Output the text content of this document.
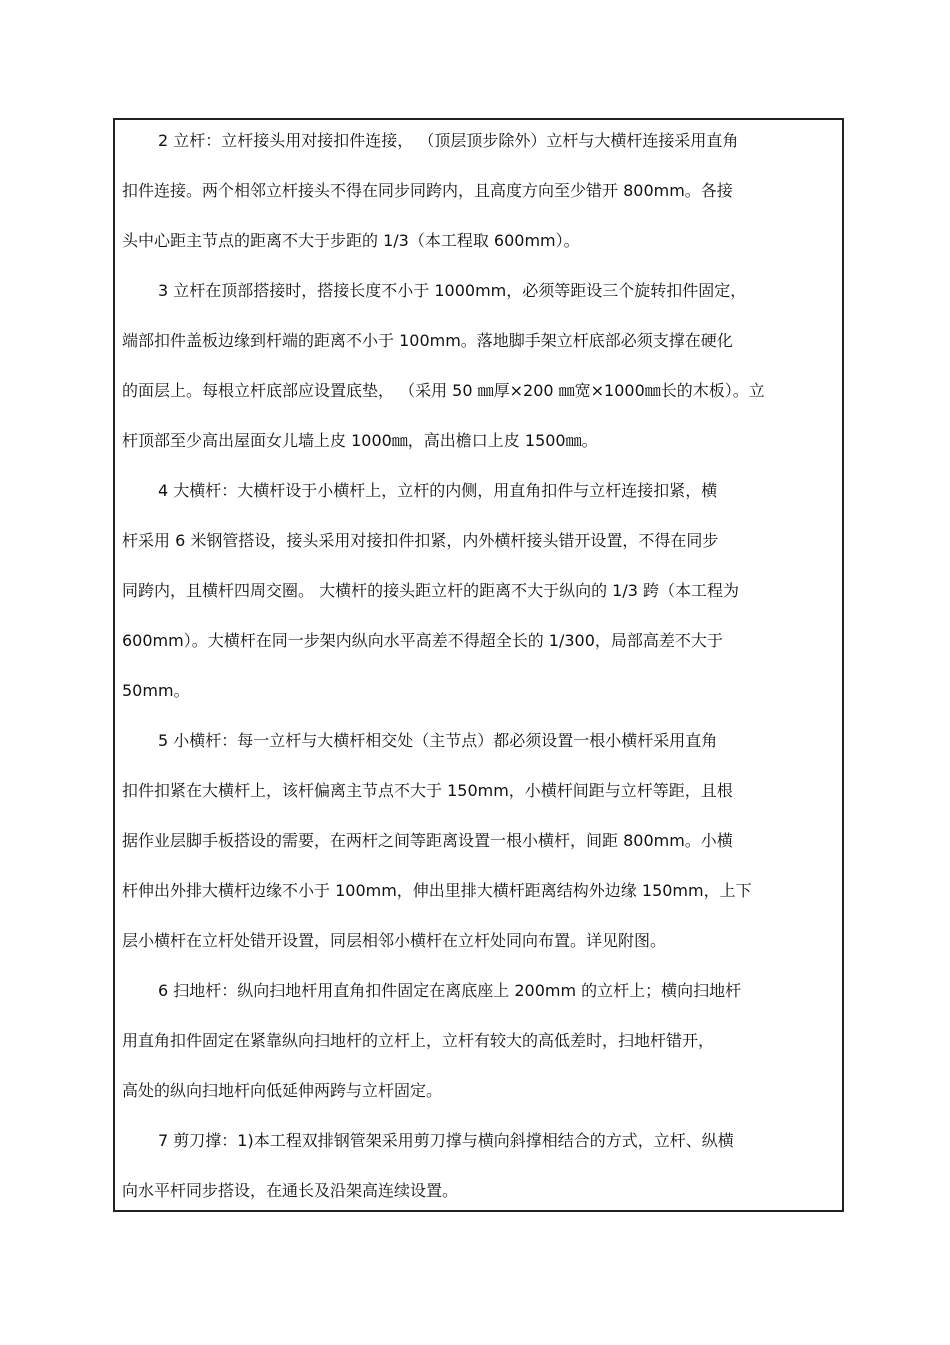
2 立杆：立杆接头用对接扣件连接， （顶层顶步除外）立杆与大横杆连接采用直角
扣件连接。两个相邻立杆接头不得在同步同跨内，且高度方向至少错开 800mm。各接
头中心距主节点的距离不大于步距的 1/3（本工程取 600mm）。
3 立杆在顶部搭接时，搭接长度不小于 1000mm，必须等距设三个旋转扣件固定，
端部扣件盖板边缘到杆端的距离不小于 100mm。落地脚手架立杆底部必须支撑在硬化
的面层上。每根立杆底部应设置底垫， （采用 50 ㎜厚×200 ㎜宽×1000㎜长的木板）。立
杆顶部至少高出屋面女儿墙上皮 1000㎜，高出檐口上皮 1500㎜。
4 大横杆：大横杆设于小横杆上，立杆的内侧，用直角扣件与立杆连接扣紧，横
杆采用 6 米钢管搭设，接头采用对接扣件扣紧，内外横杆接头错开设置，不得在同步
同跨内，且横杆四周交圈。 大横杆的接头距立杆的距离不大于纵向的 1/3 跨（本工程为
600mm）。大横杆在同一步架内纵向水平高差不得超全长的 1/300，局部高差不大于
50mm。
5 小横杆：每一立杆与大横杆相交处（主节点）都必须设置一根小横杆采用直角
扣件扣紧在大横杆上，该杆偏离主节点不大于 150mm，小横杆间距与立杆等距，且根
据作业层脚手板搭设的需要，在两杆之间等距离设置一根小横杆，间距 800mm。小横
杆伸出外排大横杆边缘不小于 100mm，伸出里排大横杆距离结构外边缘 150mm，上下
层小横杆在立杆处错开设置，同层相邻小横杆在立杆处同向布置。详见附图。
6 扫地杆：纵向扫地杆用直角扣件固定在离底座上 200mm 的立杆上；横向扫地杆
用直角扣件固定在紧靠纵向扫地杆的立杆上，立杆有较大的高低差时，扫地杆错开，
高处的纵向扫地杆向低延伸两跨与立杆固定。
7 剪刀撑：1)本工程双排钢管架采用剪刀撑与横向斜撑相结合的方式，立杆、纵横
向水平杆同步搭设，在通长及沿架高连续设置。
